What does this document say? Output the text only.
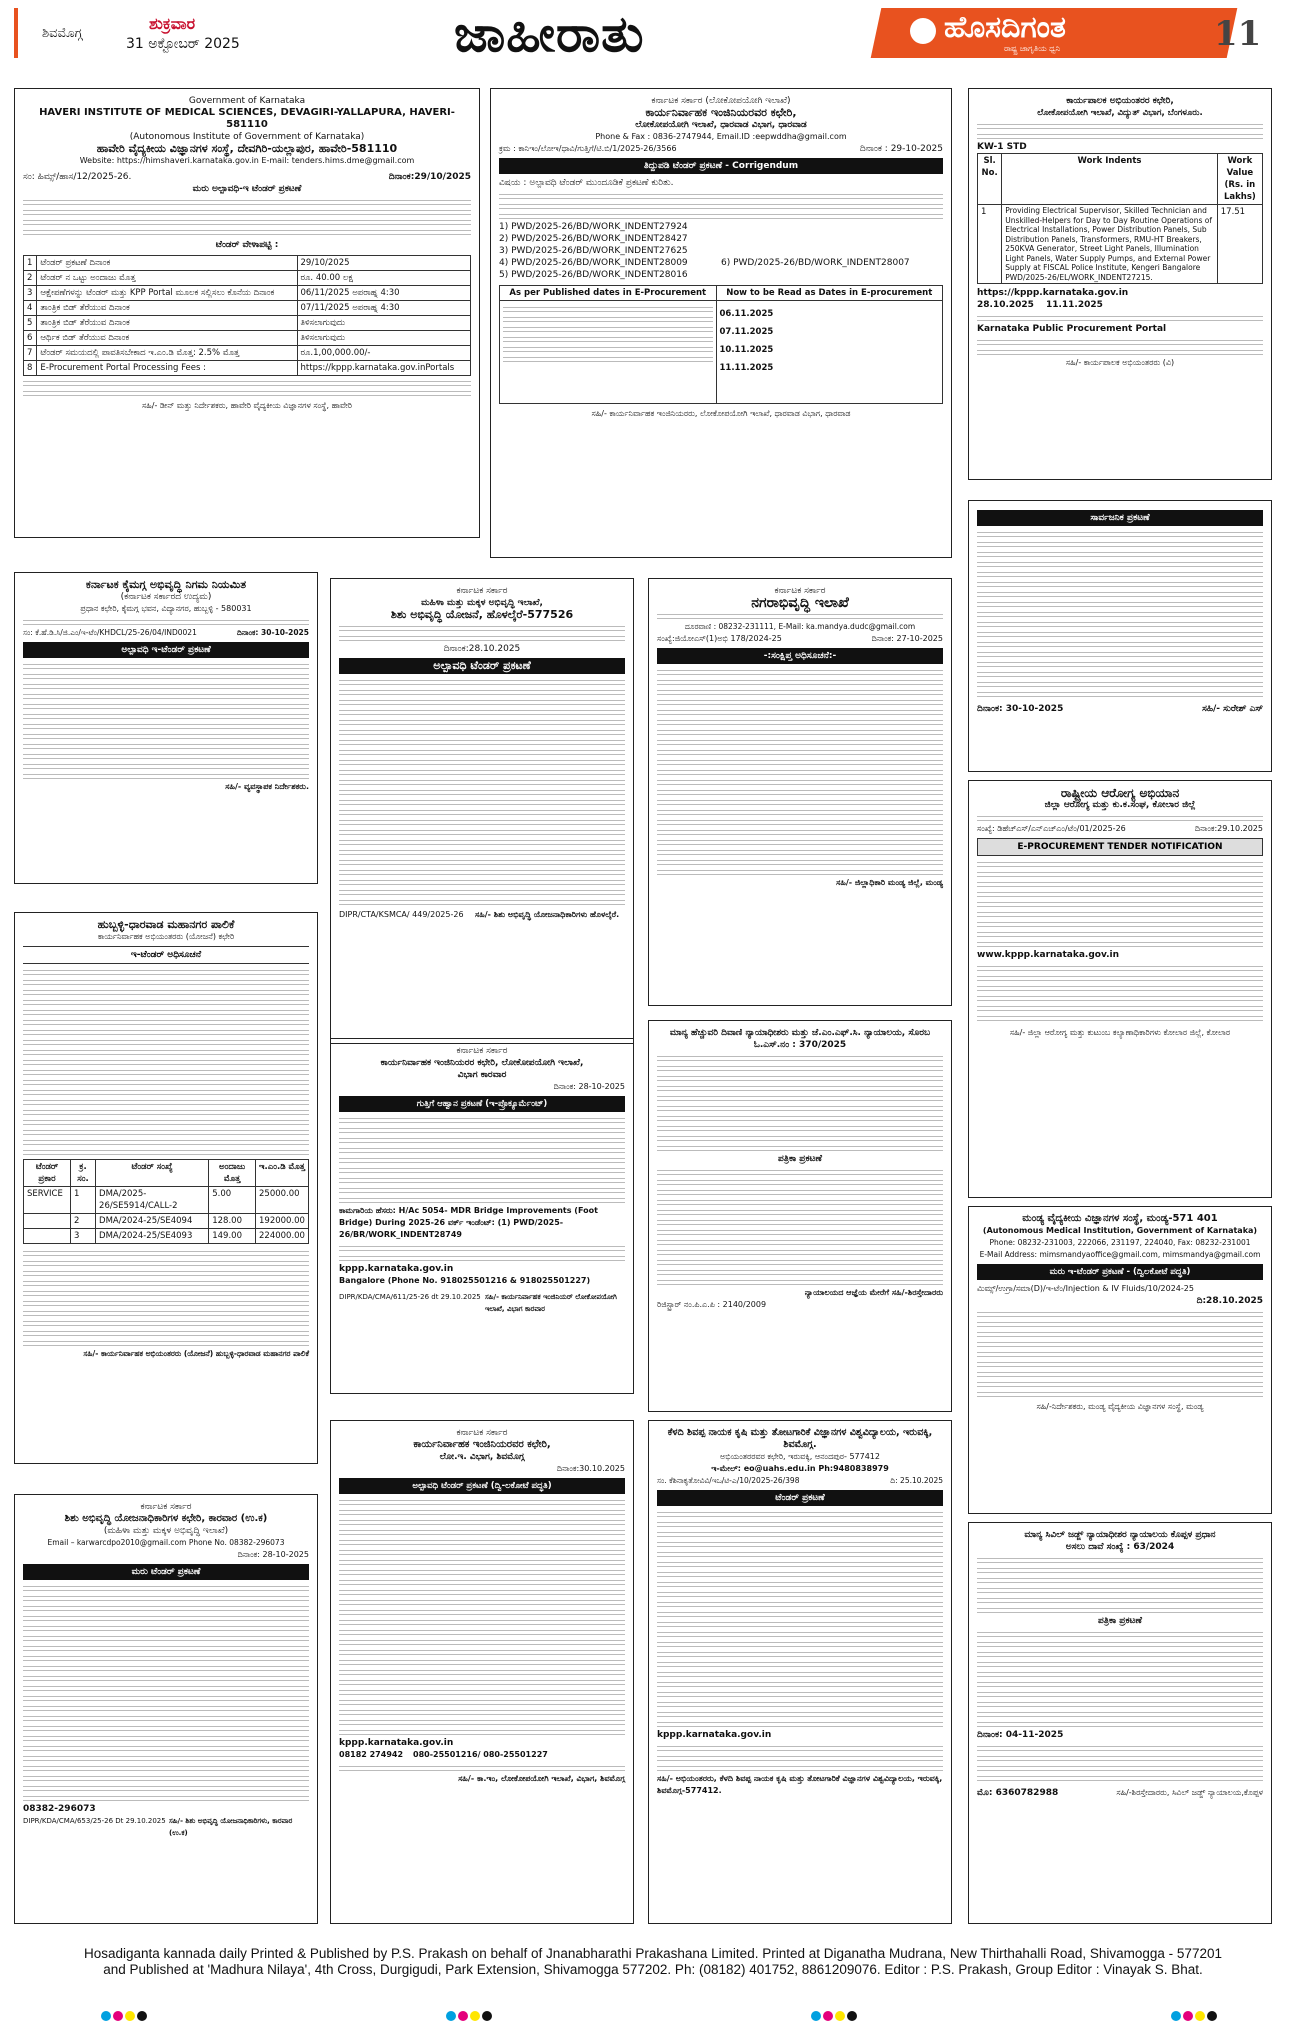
ಶಿವಮೊಗ್ಗ
ಶುಕ್ರವಾರ
31 ಅಕ್ಟೋಬರ್ 2025	ಜಾಹೀರಾತು	ಹೊಸದಿಗಂತ
ರಾಷ್ಟ್ರ ಜಾಗೃತಿಯ ಧ್ವನಿ	11
Government of Karnataka
HAVERI INSTITUTE OF MEDICAL SCIENCES, DEVAGIRI-YALLAPURA, HAVERI-581110
(Autonomous Institute of Government of Karnataka)
ಹಾವೇರಿ ವೈದ್ಯಕೀಯ ವಿಜ್ಞಾನಗಳ ಸಂಸ್ಥೆ, ದೇವಗಿರಿ-ಯಲ್ಲಾಪುರ, ಹಾವೇರಿ-581110
Website: https://himshaveri.karnataka.gov.in E-mail: tenders.hims.dme@gmail.com
ಸಂ: ಹಿಮ್ಸ್/ಹಾಸ/12/2025-26.	ದಿನಾಂಕ:29/10/2025
ಮರು ಅಲ್ಪಾವಧಿ-ಇ ಟೆಂಡರ್ ಪ್ರಕಟಣೆ
ಟೆಂಡರ್ ವೇಳಾಪಟ್ಟಿ :
1	ಟೆಂಡರ್ ಪ್ರಕಟಣೆ ದಿನಾಂಕ	29/10/2025
2	ಟೆಂಡರ್ ನ ಒಟ್ಟು ಅಂದಾಜು ಮೊತ್ತ	ರೂ. 40.00 ಲಕ್ಷ
3	ಆಕ್ಷೇಪಣೆಗಳನ್ನು ಟೆಂಡರ್ ಮತ್ತು KPP Portal ಮೂಲಕ ಸಲ್ಲಿಸಲು ಕೊನೆಯ ದಿನಾಂಕ	06/11/2025 ಅಪರಾಹ್ನ 4:30
4	ತಾಂತ್ರಿಕ ಬಿಡ್ ತೆರೆಯುವ ದಿನಾಂಕ	07/11/2025 ಅಪರಾಹ್ನ 4:30
5	ತಾಂತ್ರಿಕ ಬಿಡ್ ತೆರೆಯುವ ದಿನಾಂಕ	ತಿಳಿಸಲಾಗುವುದು
6	ಆರ್ಥಿಕ ಬಿಡ್ ತೆರೆಯುವ ದಿನಾಂಕ	ತಿಳಿಸಲಾಗುವುದು
7	ಟೆಂಡರ್ ಸಮಯದಲ್ಲಿ ಪಾವತಿಸಬೇಕಾದ ಇ.ಎಂ.ಡಿ ಮೊತ್ತ: 2.5% ಮೊತ್ತ	ರೂ.1,00,000.00/-
8	E-Procurement Portal Processing Fees :	https://kppp.karnataka.gov.inPortals
ಸಹಿ/- ಡೀನ್ ಮತ್ತು ನಿರ್ದೇಶಕರು, ಹಾವೇರಿ ವೈದ್ಯಕೀಯ ವಿಜ್ಞಾನಗಳ ಸಂಸ್ಥೆ, ಹಾವೇರಿ
ಕರ್ನಾಟಕ ಸರ್ಕಾರ (ಲೋಕೋಪಯೋಗಿ ಇಲಾಖೆ)
ಕಾರ್ಯನಿರ್ವಾಹಕ ಇಂಜಿನಿಯರವರ ಕಛೇರಿ,
ಲೋಕೋಪಯೋಗಿ ಇಲಾಖೆ, ಧಾರವಾಡ ವಿಭಾಗ, ಧಾರವಾಡ
Phone & Fax : 0836-2747944, Email.ID :eepwddha@gmail.com
ಕ್ರಮ : ಕಾನಿಇಂ/ಲೋಇ/ಧಾವಿ/ಗುತ್ತಿಗೆ/ಟಿ.ಬಿ/1/2025-26/3566	ದಿನಾಂಕ : 29-10-2025
ತಿದ್ದುಪಡಿ ಟೆಂಡರ್ ಪ್ರಕಟಣೆ - Corrigendum
ವಿಷಯ : ಅಲ್ಪಾವಧಿ ಟೆಂಡರ್ ಮುಂದೂಡಿಕೆ ಪ್ರಕಟಣೆ ಕುರಿತು.
1) PWD/2025-26/BD/WORK_INDENT27924
2) PWD/2025-26/BD/WORK_INDENT28427
3) PWD/2025-26/BD/WORK_INDENT27625
4) PWD/2025-26/BD/WORK_INDENT28009
5) PWD/2025-26/BD/WORK_INDENT28016
6) PWD/2025-26/BD/WORK_INDENT28007
As per Published dates in E-Procurement	Now to be Read as Dates in E-procurement

	06.11.2025
07.11.2025
10.11.2025
11.11.2025
ಸಹಿ/- ಕಾರ್ಯನಿರ್ವಾಹಕ ಇಂಜಿನಿಯರರು, ಲೋಕೋಪಯೋಗಿ ಇಲಾಖೆ, ಧಾರವಾಡ ವಿಭಾಗ, ಧಾರವಾಡ
ಕಾರ್ಯಪಾಲಕ ಅಭಿಯಂತರರ ಕಛೇರಿ,
ಲೋಕೋಪಯೋಗಿ ಇಲಾಖೆ, ವಿದ್ಯುತ್ ವಿಭಾಗ, ಬೆಂಗಳೂರು.
KW-1 STD
Sl. No.	Work Indents	Work Value (Rs. in Lakhs)
1	Providing Electrical Supervisor, Skilled Technician and Unskilled-Helpers for Day to Day Routine Operations of Electrical Installations, Power Distribution Panels, Sub Distribution Panels, Transformers, RMU-HT Breakers, 250KVA Generator, Street Light Panels, Illumination Light Panels, Water Supply Pumps, and External Power Supply at FISCAL Police Institute, Kengeri Bangalore PWD/2025-26/EL/WORK_INDENT27215.	17.51
https://kppp.karnataka.gov.in
28.10.2025 11.11.2025
Karnataka Public Procurement Portal
ಸಹಿ/- ಕಾರ್ಯಪಾಲಕ ಅಭಿಯಂತರರು (ವಿ)
ಸಾರ್ವಜನಿಕ ಪ್ರಕಟಣೆ
ದಿನಾಂಕ: 30-10-2025	ಸಹಿ/- ಸುರೇಶ್ ಎಸ್
ರಾಷ್ಟ್ರೀಯ ಆರೋಗ್ಯ ಅಭಿಯಾನ
ಜಿಲ್ಲಾ ಆರೋಗ್ಯ ಮತ್ತು ಕು.ಕ.ಸಂಘ, ಕೋಲಾರ ಜಿಲ್ಲೆ
ಸಂಖ್ಯೆ: ಡಿಹೆಚ್ಎಸ್/ಎನ್ಎಚ್ಎಂ/ಟೆಂ/01/2025-26	ದಿನಾಂಕ:29.10.2025
E-PROCUREMENT TENDER NOTIFICATION
www.kppp.karnataka.gov.in
ಸಹಿ/- ಜಿಲ್ಲಾ ಆರೋಗ್ಯ ಮತ್ತು ಕುಟುಂಬ ಕಲ್ಯಾಣಾಧಿಕಾರಿಗಳು ಕೋಲಾರ ಜಿಲ್ಲೆ, ಕೋಲಾರ
ಮಂಡ್ಯ ವೈದ್ಯಕೀಯ ವಿಜ್ಞಾನಗಳ ಸಂಸ್ಥೆ, ಮಂಡ್ಯ-571 401
(Autonomous Medical Institution, Government of Karnataka)
Phone: 08232-231003, 222066, 231197, 224040, Fax: 08232-231001
E-Mail Address: mimsmandyaoffice@gmail.com, mimsmandya@gmail.com
ಮರು ಇ-ಟೆಂಡರ್ ಪ್ರಕಟಣೆ - (ದ್ವಿಲಕೋಟೆ ಪದ್ಧತಿ)
ಮಿಮ್ಸ್/ಉಗ್ರಾ/ಸಮಾ(D)/ಇ-ಟೆಂ/Injection & IV Fluids/10/2024-25
ದಿ:28.10.2025
ಸಹಿ/-ನಿರ್ದೇಶಕರು, ಮಂಡ್ಯ ವೈದ್ಯಕೀಯ ವಿಜ್ಞಾನಗಳ ಸಂಸ್ಥೆ, ಮಂಡ್ಯ
ಮಾನ್ಯ ಸಿವಿಲ್ ಜಡ್ಜ್ ನ್ಯಾಯಾಧೀಶರ ನ್ಯಾಯಾಲಯ ಕೊಪ್ಪಳ ಪ್ರಧಾನ
ಅಸಲು ದಾವೆ ಸಂಖ್ಯೆ : 63/2024
ಪತ್ರಿಕಾ ಪ್ರಕಟಣೆ
ದಿನಾಂಕ: 04-11-2025
ಮೊ: 6360782988	ಸಹಿ/-ಶಿರಸ್ತೇದಾರರು, ಸಿವಿಲ್ ಜಡ್ಜ್ ನ್ಯಾಯಾಲಯ,ಕೊಪ್ಪಳ
ಕರ್ನಾಟಕ ಕೈಮಗ್ಗ ಅಭಿವೃದ್ಧಿ ನಿಗಮ ನಿಯಮಿತ
(ಕರ್ನಾಟಕ ಸರ್ಕಾರದ ಉದ್ಯಮ)
ಪ್ರಧಾನ ಕಛೇರಿ, ಕೈಮಗ್ಗ ಭವನ, ವಿದ್ಯಾನಗರ, ಹುಬ್ಬಳ್ಳಿ - 580031
ಸಂ: ಕೆ.ಹೆ.ಡಿ.ಸಿ/ಜಿ.ಎಂ/ಇ-ಟೆಂ/KHDCL/25-26/04/IND0021	ದಿನಾಂಕ: 30-10-2025
ಅಲ್ಪಾವಧಿ ಇ-ಟೆಂಡರ್ ಪ್ರಕಟಣೆ
ಸಹಿ/- ವ್ಯವಸ್ಥಾಪಕ ನಿರ್ದೇಶಕರು.
ಕರ್ನಾಟಕ ಸರ್ಕಾರ
ಮಹಿಳಾ ಮತ್ತು ಮಕ್ಕಳ ಅಭಿವೃದ್ಧಿ ಇಲಾಖೆ,
ಶಿಶು ಅಭಿವೃದ್ಧಿ ಯೋಜನೆ, ಹೊಳಲ್ಕೆರೆ-577526
ದಿನಾಂಕ:28.10.2025
ಅಲ್ಪಾವಧಿ ಟೆಂಡರ್ ಪ್ರಕಟಣೆ
DIPR/CTA/KSMCA/ 449/2025-26 ಸಹಿ/- ಶಿಶು ಅಭಿವೃದ್ಧಿ ಯೋಜನಾಧಿಕಾರಿಗಳು ಹೊಳಲ್ಕೆರೆ.
ಕರ್ನಾಟಕ ಸರ್ಕಾರ
ನಗರಾಭಿವೃದ್ಧಿ ಇಲಾಖೆ
ದೂರವಾಣಿ : 08232-231111, E-Mail: ka.mandya.dudc@gmail.com
ಸಂಖ್ಯೆ:ಜಿಯೋಎಸ್(1)ಅಭಿ 178/2024-25	ದಿನಾಂಕ: 27-10-2025
-:ಸಂಕ್ಷಿಪ್ತ ಅಧಿಸೂಚನೆ:-
ಸಹಿ/- ಜಿಲ್ಲಾಧಿಕಾರಿ ಮಂಡ್ಯ ಜಿಲ್ಲೆ, ಮಂಡ್ಯ
ಹುಬ್ಬಳ್ಳಿ-ಧಾರವಾಡ ಮಹಾನಗರ ಪಾಲಿಕೆ
ಕಾರ್ಯನಿರ್ವಾಹಕ ಅಭಿಯಂತರರು (ಯೋಜನೆ) ಕಛೇರಿ
ಇ-ಟೆಂಡರ್ ಅಧಿಸೂಚನೆ
ಟೆಂಡರ್ ಪ್ರಕಾರ	ಕ್ರ. ಸಂ.	ಟೆಂಡರ್ ಸಂಖ್ಯೆ	ಅಂದಾಜು ಮೊತ್ತ	ಇ.ಎಂ.ಡಿ ಮೊತ್ತ
SERVICE	1	DMA/2025-26/SE5914/CALL-2	5.00	25000.00
	2	DMA/2024-25/SE4094	128.00	192000.00
	3	DMA/2024-25/SE4093	149.00	224000.00
ಸಹಿ/- ಕಾರ್ಯನಿರ್ವಾಹಕ ಅಭಿಯಂತರರು (ಯೋಜನೆ) ಹುಬ್ಬಳ್ಳಿ-ಧಾರವಾಡ ಮಹಾನಗರ ಪಾಲಿಕೆ
ಕರ್ನಾಟಕ ಸರ್ಕಾರ
ಕಾರ್ಯನಿರ್ವಾಹಕ ಇಂಜಿನಿಯರರ ಕಛೇರಿ, ಲೋಕೋಪಯೋಗಿ ಇಲಾಖೆ,
ವಿಭಾಗ ಕಾರವಾರ
ದಿನಾಂಕ: 28-10-2025
ಗುತ್ತಿಗೆ ಆಹ್ವಾನ ಪ್ರಕಟಣೆ (ಇ-ಪ್ರೊಕ್ಯೂರ್ಮೆಂಟ್)
ಕಾಮಗಾರಿಯ ಹೆಸರು: H/Ac 5054- MDR Bridge Improvements (Foot Bridge) During 2025-26 ವರ್ಕ್ ಇಂಡೆಂಟ್: (1) PWD/2025-26/BR/WORK_INDENT28749
kppp.karnataka.gov.in
Bangalore (Phone No. 918025501216 & 918025501227)
DIPR/KDA/CMA/611/25-26 dt 29.10.2025 ಸಹಿ/- ಕಾರ್ಯನಿರ್ವಾಹಕ ಇಂಜಿನಿಯರ್ ಲೋಕೋಪಯೋಗಿ ಇಲಾಖೆ, ವಿಭಾಗ ಕಾರವಾರ
ಮಾನ್ಯ ಹೆಚ್ಚುವರಿ ದಿವಾಣಿ ನ್ಯಾಯಾಧೀಶರು ಮತ್ತು ಜೆ.ಎಂ.ಎಫ್.ಸಿ. ನ್ಯಾಯಾಲಯ, ಸೊರಬ
ಓ.ಎಸ್.ನಂ : 370/2025
ಪತ್ರಿಕಾ ಪ್ರಕಟಣೆ
ನ್ಯಾಯಾಲಯದ ಆಜ್ಞೆಯ ಮೇರೆಗೆ ಸಹಿ/-ಶಿರಸ್ತೇದಾರರು
ರಿಜಿಸ್ಟ್ರಾರ್ ನಂ.ಪಿ.ಎ.ಪಿ : 2140/2009
ಕರ್ನಾಟಕ ಸರ್ಕಾರ
ಶಿಶು ಅಭಿವೃದ್ಧಿ ಯೋಜನಾಧಿಕಾರಿಗಳ ಕಛೇರಿ, ಕಾರವಾರ (ಉ.ಕ)
(ಮಹಿಳಾ ಮತ್ತು ಮಕ್ಕಳ ಅಭಿವೃದ್ಧಿ ಇಲಾಖೆ)
Email – karwarcdpo2010@gmail.com Phone No. 08382-296073
ದಿನಾಂಕ: 28-10-2025
ಮರು ಟೆಂಡರ್ ಪ್ರಕಟಣೆ
08382-296073
DIPR/KDA/CMA/653/25-26 Dt 29.10.2025 ಸಹಿ/- ಶಿಶು ಅಭಿವೃದ್ಧಿ ಯೋಜನಾಧಿಕಾರಿಗಳು, ಕಾರವಾರ (ಉ.ಕ)
ಕರ್ನಾಟಕ ಸರ್ಕಾರ
ಕಾರ್ಯನಿರ್ವಾಹಕ ಇಂಜಿನಿಯರವರ ಕಛೇರಿ,
ಲೋ.ಇ. ವಿಭಾಗ, ಶಿವಮೊಗ್ಗ
ದಿನಾಂಕ:30.10.2025
ಅಲ್ಪಾವಧಿ ಟೆಂಡರ್ ಪ್ರಕಟಣೆ (ದ್ವಿ-ಲಕೋಟೆ ಪದ್ಧತಿ)
kppp.karnataka.gov.in
08182 274942 080-25501216/ 080-25501227
ಸಹಿ/- ಕಾ.ಇಂ, ಲೋಕೋಪಯೋಗಿ ಇಲಾಖೆ, ವಿಭಾಗ, ಶಿವಮೊಗ್ಗ
ಕೆಳದಿ ಶಿವಪ್ಪ ನಾಯಕ ಕೃಷಿ ಮತ್ತು ತೋಟಗಾರಿಕೆ ವಿಜ್ಞಾನಗಳ ವಿಶ್ವವಿದ್ಯಾಲಯ, ಇರುವಕ್ಕಿ, ಶಿವಮೊಗ್ಗ.
ಅಭಿಯಂತರರವರ ಕಛೇರಿ, ಇರುವಕ್ಕಿ, ಆನಂದಪುರ- 577412
ಇ-ಮೇಲ್: eo@uahs.edu.in Ph:9480838979
ಸಂ. ಕೆಶಿನಾಕೃತೋವಿವಿ/ಇಒ/ಟಿ-ಎ/10/2025-26/398	ದಿ: 25.10.2025
ಟೆಂಡರ್ ಪ್ರಕಟಣೆ
kppp.karnataka.gov.in
ಸಹಿ/- ಅಭಿಯಂತರರು, ಕೆಳದಿ ಶಿವಪ್ಪ ನಾಯಕ ಕೃಷಿ ಮತ್ತು ತೋಟಗಾರಿಕೆ ವಿಜ್ಞಾನಗಳ ವಿಶ್ವವಿದ್ಯಾಲಯ, ಇರುವಕ್ಕಿ, ಶಿವಮೊಗ್ಗ-577412.
Hosadiganta kannada daily Printed & Published by P.S. Prakash on behalf of Jnanabharathi Prakashana Limited. Printed at Diganatha Mudrana, New Thirthahalli Road, Shivamogga - 577201
and Published at 'Madhura Nilaya', 4th Cross, Durgigudi, Park Extension, Shivamogga 577202. Ph: (08182) 401752, 8861209076. Editor : P.S. Prakash, Group Editor : Vinayak S. Bhat.
